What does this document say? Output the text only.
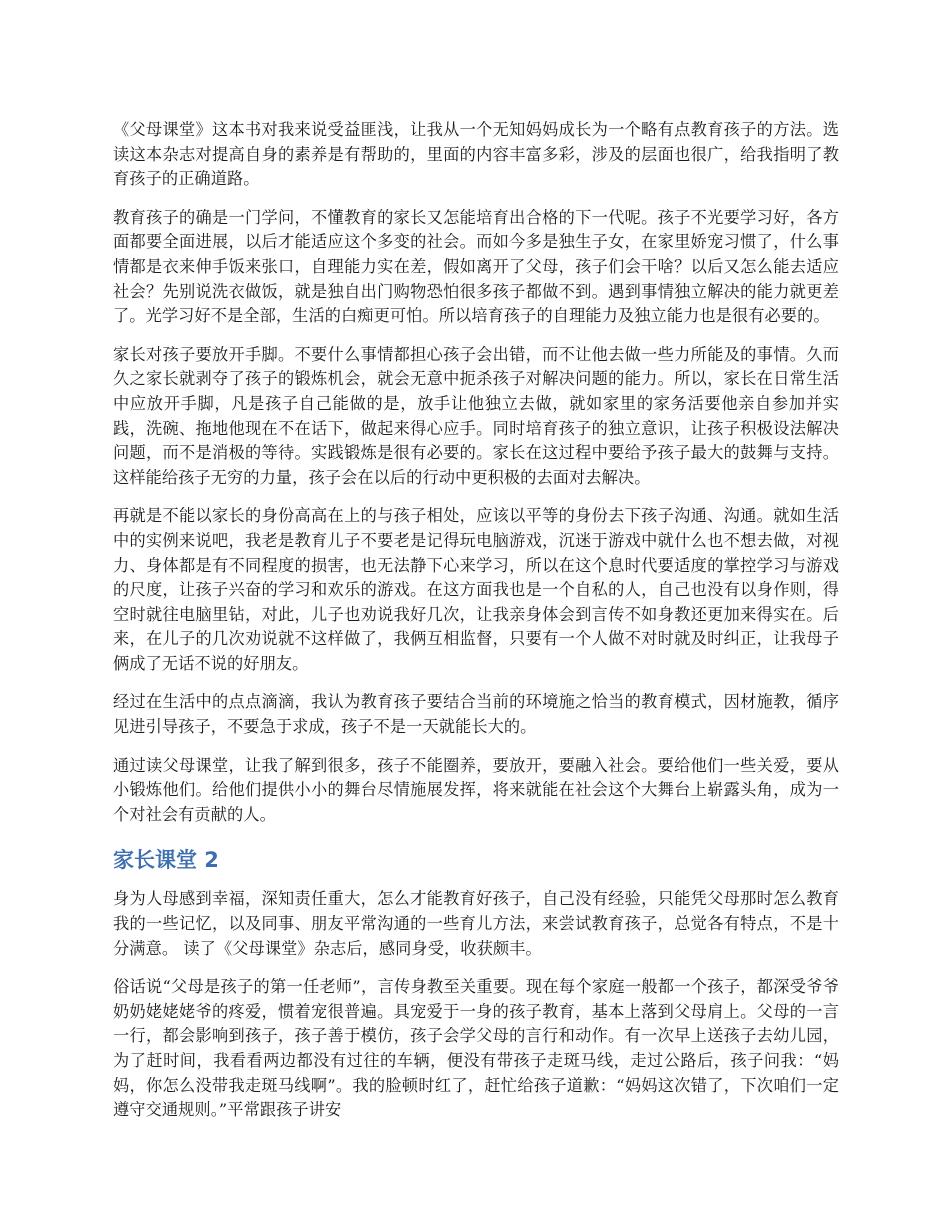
《父母课堂》这本书对我来说受益匪浅，让我从一个无知妈妈成长为一个略有点教育孩子的方法。选读这本杂志对提高自身的素养是有帮助的，里面的内容丰富多彩，涉及的层面也很广，给我指明了教育孩子的正确道路。

教育孩子的确是一门学问，不懂教育的家长又怎能培育出合格的下一代呢。孩子不光要学习好，各方面都要全面进展，以后才能适应这个多变的社会。而如今多是独生子女，在家里娇宠习惯了，什么事情都是衣来伸手饭来张口，自理能力实在差，假如离开了父母，孩子们会干啥？以后又怎么能去适应社会？先别说洗衣做饭，就是独自出门购物恐怕很多孩子都做不到。遇到事情独立解决的能力就更差了。光学习好不是全部，生活的白痴更可怕。所以培育孩子的自理能力及独立能力也是很有必要的。

家长对孩子要放开手脚。不要什么事情都担心孩子会出错，而不让他去做一些力所能及的事情。久而久之家长就剥夺了孩子的锻炼机会，就会无意中扼杀孩子对解决问题的能力。所以，家长在日常生活中应放开手脚，凡是孩子自己能做的是，放手让他独立去做，就如家里的家务活要他亲自参加并实践，洗碗、拖地他现在不在话下，做起来得心应手。同时培育孩子的独立意识，让孩子积极设法解决问题，而不是消极的等待。实践锻炼是很有必要的。家长在这过程中要给予孩子最大的鼓舞与支持。这样能给孩子无穷的力量，孩子会在以后的行动中更积极的去面对去解决。

再就是不能以家长的身份高高在上的与孩子相处，应该以平等的身份去下孩子沟通、沟通。就如生活中的实例来说吧，我老是教育儿子不要老是记得玩电脑游戏，沉迷于游戏中就什么也不想去做，对视力、身体都是有不同程度的损害，也无法静下心来学习，所以在这个息时代要适度的掌控学习与游戏的尺度，让孩子兴奋的学习和欢乐的游戏。在这方面我也是一个自私的人，自己也没有以身作则，得空时就往电脑里钻，对此，儿子也劝说我好几次，让我亲身体会到言传不如身教还更加来得实在。后来，在儿子的几次劝说就不这样做了，我俩互相监督，只要有一个人做不对时就及时纠正，让我母子俩成了无话不说的好朋友。

经过在生活中的点点滴滴，我认为教育孩子要结合当前的环境施之恰当的教育模式，因材施教，循序见进引导孩子，不要急于求成，孩子不是一天就能长大的。

通过读父母课堂，让我了解到很多，孩子不能圈养，要放开，要融入社会。要给他们一些关爱，要从小锻炼他们。给他们提供小小的舞台尽情施展发挥，将来就能在社会这个大舞台上崭露头角，成为一个对社会有贡献的人。

家长课堂 2

身为人母感到幸福，深知责任重大，怎么才能教育好孩子，自己没有经验，只能凭父母那时怎么教育我的一些记忆，以及同事、朋友平常沟通的一些育儿方法，来尝试教育孩子，总觉各有特点，不是十分满意。 读了《父母课堂》杂志后，感同身受，收获颇丰。

俗话说“父母是孩子的第一任老师”，言传身教至关重要。现在每个家庭一般都一个孩子，都深受爷爷奶奶姥姥姥爷的疼爱，惯着宠很普遍。具宠爱于一身的孩子教育，基本上落到父母肩上。父母的一言一行，都会影响到孩子，孩子善于模仿，孩子会学父母的言行和动作。有一次早上送孩子去幼儿园，为了赶时间，我看看两边都没有过往的车辆，便没有带孩子走斑马线，走过公路后，孩子问我：“妈妈，你怎么没带我走斑马线啊”。我的脸顿时红了，赶忙给孩子道歉：“妈妈这次错了，下次咱们一定遵守交通规则。”平常跟孩子讲安
